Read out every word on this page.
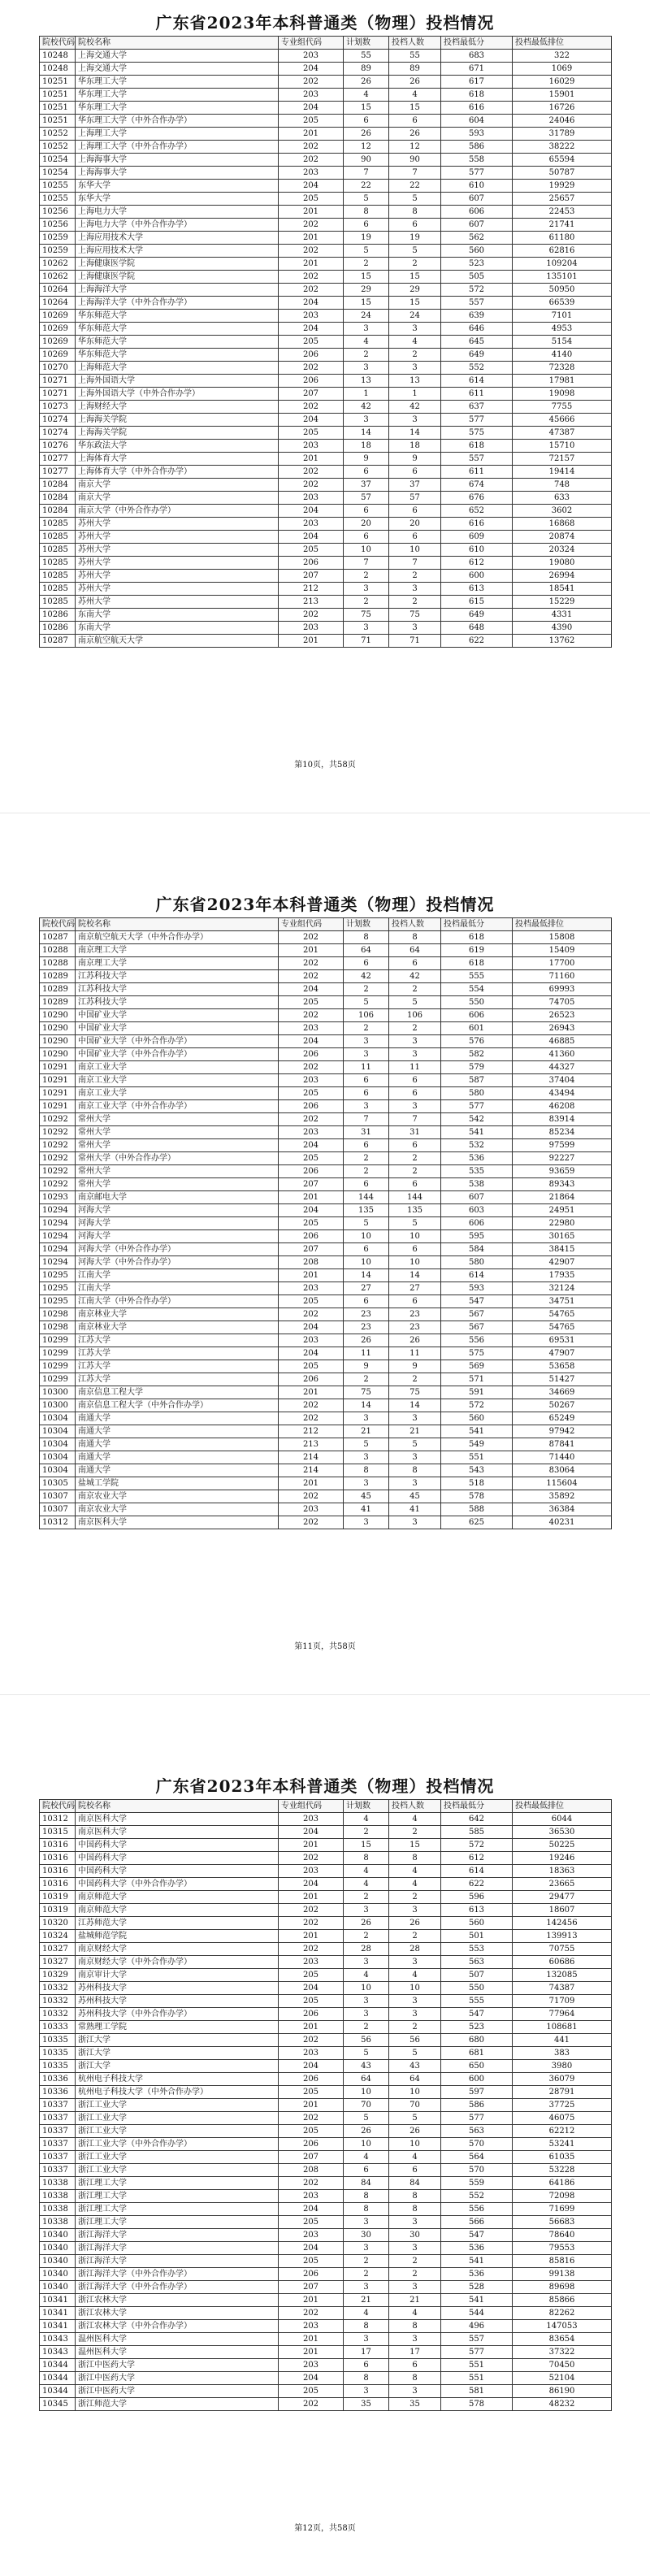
广东省2023年本科普通类（物理）投档情况
院校代码	院校名称	专业组代码	计划数	投档人数	投档最低分	投档最低排位
10248	上海交通大学	203	55	55	683	322
10248	上海交通大学	204	89	89	671	1069
10251	华东理工大学	202	26	26	617	16029
10251	华东理工大学	203	4	4	618	15901
10251	华东理工大学	204	15	15	616	16726
10251	华东理工大学（中外合作办学）	205	6	6	604	24046
10252	上海理工大学	201	26	26	593	31789
10252	上海理工大学（中外合作办学）	202	12	12	586	38222
10254	上海海事大学	202	90	90	558	65594
10254	上海海事大学	203	7	7	577	50787
10255	东华大学	204	22	22	610	19929
10255	东华大学	205	5	5	607	25657
10256	上海电力大学	201	8	8	606	22453
10256	上海电力大学（中外合作办学）	202	6	6	607	21741
10259	上海应用技术大学	201	19	19	562	61180
10259	上海应用技术大学	202	5	5	560	62816
10262	上海健康医学院	201	2	2	523	109204
10262	上海健康医学院	202	15	15	505	135101
10264	上海海洋大学	202	29	29	572	50950
10264	上海海洋大学（中外合作办学）	204	15	15	557	66539
10269	华东师范大学	203	24	24	639	7101
10269	华东师范大学	204	3	3	646	4953
10269	华东师范大学	205	4	4	645	5154
10269	华东师范大学	206	2	2	649	4140
10270	上海师范大学	202	3	3	552	72328
10271	上海外国语大学	206	13	13	614	17981
10271	上海外国语大学（中外合作办学）	207	1	1	611	19098
10273	上海财经大学	202	42	42	637	7755
10274	上海海关学院	204	3	3	577	45666
10274	上海海关学院	205	14	14	575	47387
10276	华东政法大学	203	18	18	618	15710
10277	上海体育大学	201	9	9	557	72157
10277	上海体育大学（中外合作办学）	202	6	6	611	19414
10284	南京大学	202	37	37	674	748
10284	南京大学	203	57	57	676	633
10284	南京大学（中外合作办学）	204	6	6	652	3602
10285	苏州大学	203	20	20	616	16868
10285	苏州大学	204	6	6	609	20874
10285	苏州大学	205	10	10	610	20324
10285	苏州大学	206	7	7	612	19080
10285	苏州大学	207	2	2	600	26994
10285	苏州大学	212	3	3	613	18541
10285	苏州大学	213	2	2	615	15229
10286	东南大学	202	75	75	649	4331
10286	东南大学	203	3	3	648	4390
10287	南京航空航天大学	201	71	71	622	13762
第10页，共58页
广东省2023年本科普通类（物理）投档情况
院校代码	院校名称	专业组代码	计划数	投档人数	投档最低分	投档最低排位
10287	南京航空航天大学（中外合作办学）	202	8	8	618	15808
10288	南京理工大学	201	64	64	619	15409
10288	南京理工大学	202	6	6	618	17700
10289	江苏科技大学	202	42	42	555	71160
10289	江苏科技大学	204	2	2	554	69993
10289	江苏科技大学	205	5	5	550	74705
10290	中国矿业大学	202	106	106	606	26523
10290	中国矿业大学	203	2	2	601	26943
10290	中国矿业大学（中外合作办学）	204	3	3	576	46885
10290	中国矿业大学（中外合作办学）	206	3	3	582	41360
10291	南京工业大学	202	11	11	579	44327
10291	南京工业大学	203	6	6	587	37404
10291	南京工业大学	205	6	6	580	43494
10291	南京工业大学（中外合作办学）	206	3	3	577	46208
10292	常州大学	202	7	7	542	83914
10292	常州大学	203	31	31	541	85234
10292	常州大学	204	6	6	532	97599
10292	常州大学（中外合作办学）	205	2	2	536	92227
10292	常州大学	206	2	2	535	93659
10292	常州大学	207	6	6	538	89343
10293	南京邮电大学	201	144	144	607	21864
10294	河海大学	204	135	135	603	24951
10294	河海大学	205	5	5	606	22980
10294	河海大学	206	10	10	595	30165
10294	河海大学（中外合作办学）	207	6	6	584	38415
10294	河海大学（中外合作办学）	208	10	10	580	42907
10295	江南大学	201	14	14	614	17935
10295	江南大学	203	27	27	593	32124
10295	江南大学（中外合作办学）	205	6	6	547	34751
10298	南京林业大学	202	23	23	567	54765
10298	南京林业大学	204	23	23	567	54765
10299	江苏大学	203	26	26	556	69531
10299	江苏大学	204	11	11	575	47907
10299	江苏大学	205	9	9	569	53658
10299	江苏大学	206	2	2	571	51427
10300	南京信息工程大学	201	75	75	591	34669
10300	南京信息工程大学（中外合作办学）	202	14	14	572	50267
10304	南通大学	202	3	3	560	65249
10304	南通大学	212	21	21	541	97942
10304	南通大学	213	5	5	549	87841
10304	南通大学	214	3	3	551	71440
10304	南通大学	214	8	8	543	83064
10305	盐城工学院	201	3	3	518	115604
10307	南京农业大学	202	45	45	578	35892
10307	南京农业大学	203	41	41	588	36384
10312	南京医科大学	202	3	3	625	40231
第11页，共58页
广东省2023年本科普通类（物理）投档情况
院校代码	院校名称	专业组代码	计划数	投档人数	投档最低分	投档最低排位
10312	南京医科大学	203	4	4	642	6044
10315	南京医科大学	204	2	2	585	36530
10316	中国药科大学	201	15	15	572	50225
10316	中国药科大学	202	8	8	612	19246
10316	中国药科大学	203	4	4	614	18363
10316	中国药科大学（中外合作办学）	204	4	4	622	23665
10319	南京师范大学	201	2	2	596	29477
10319	南京师范大学	202	3	3	613	18607
10320	江苏师范大学	202	26	26	560	142456
10324	盐城师范学院	201	2	2	501	139913
10327	南京财经大学	202	28	28	553	70755
10327	南京财经大学（中外合作办学）	203	3	3	563	60686
10329	南京审计大学	205	4	4	507	132085
10332	苏州科技大学	204	10	10	550	74387
10332	苏州科技大学	205	3	3	555	71709
10332	苏州科技大学（中外合作办学）	206	3	3	547	77964
10333	常熟理工学院	201	2	2	523	108681
10335	浙江大学	202	56	56	680	441
10335	浙江大学	203	5	5	681	383
10335	浙江大学	204	43	43	650	3980
10336	杭州电子科技大学	206	64	64	600	36079
10336	杭州电子科技大学（中外合作办学）	205	10	10	597	28791
10337	浙江工业大学	201	70	70	586	37725
10337	浙江工业大学	202	5	5	577	46075
10337	浙江工业大学	205	26	26	563	62212
10337	浙江工业大学（中外合作办学）	206	10	10	570	53241
10337	浙江工业大学	207	4	4	564	61035
10337	浙江工业大学	208	6	6	570	53228
10338	浙江理工大学	202	84	84	559	64186
10338	浙江理工大学	203	8	8	552	72098
10338	浙江理工大学	204	8	8	556	71699
10338	浙江理工大学	205	3	3	566	56683
10340	浙江海洋大学	203	30	30	547	78640
10340	浙江海洋大学	204	3	3	536	79553
10340	浙江海洋大学	205	2	2	541	85816
10340	浙江海洋大学（中外合作办学）	206	2	2	536	99138
10340	浙江海洋大学（中外合作办学）	207	3	3	528	89698
10341	浙江农林大学	201	21	21	541	85866
10341	浙江农林大学	202	4	4	544	82262
10341	浙江农林大学（中外合作办学）	203	8	8	496	147053
10343	温州医科大学	201	3	3	557	83654
10343	温州医科大学	201	17	17	577	37322
10344	浙江中医药大学	203	6	6	551	70450
10344	浙江中医药大学	204	8	8	551	52104
10344	浙江中医药大学	205	3	3	581	86190
10345	浙江师范大学	202	35	35	578	48232
第12页，共58页
